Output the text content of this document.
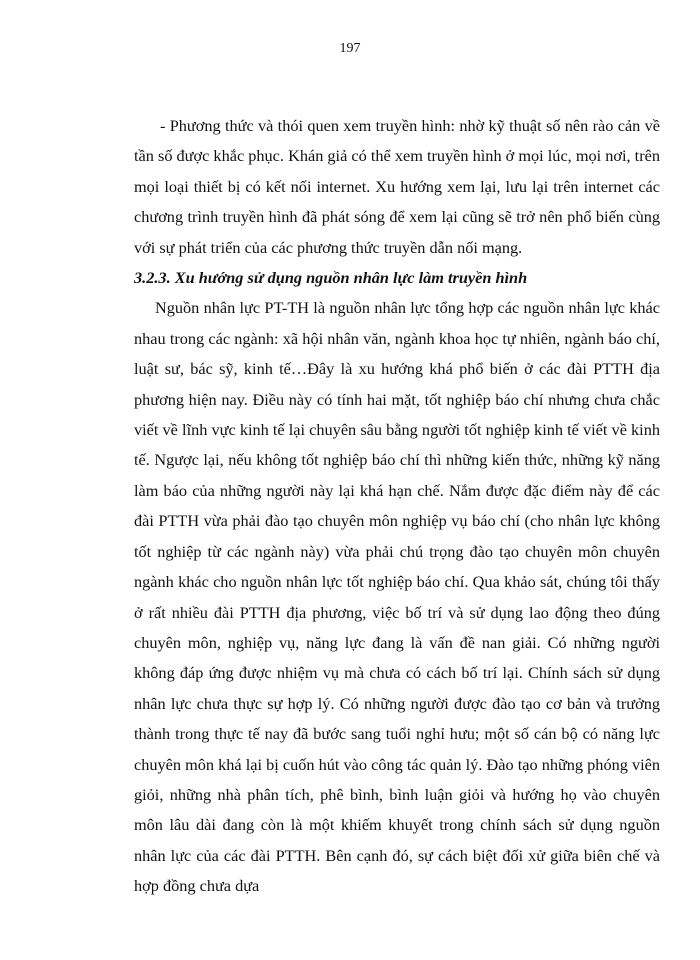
197

- Phương thức và thói quen xem truyền hình: nhờ kỹ thuật số nên rào cản về tần số được khắc phục. Khán giả có thể xem truyền hình ở mọi lúc, mọi nơi, trên mọi loại thiết bị có kết nối internet. Xu hướng xem lại, lưu lại trên internet các chương trình truyền hình đã phát sóng để xem lại cũng sẽ trở nên phổ biến cùng với sự phát triển của các phương thức truyền dẫn nối mạng.

3.2.3. Xu hướng sử dụng nguồn nhân lực làm truyền hình

Nguồn nhân lực PT-TH là nguồn nhân lực tổng hợp các nguồn nhân lực khác nhau trong các ngành: xã hội nhân văn, ngành khoa học tự nhiên, ngành báo chí, luật sư, bác sỹ, kinh tế…Đây là xu hướng khá phổ biến ở các đài PTTH địa phương hiện nay. Điều này có tính hai mặt, tốt nghiệp báo chí nhưng chưa chắc viết về lĩnh vực kinh tế lại chuyên sâu bằng người tốt nghiệp kinh tế viết về kinh tế. Ngược lại, nếu không tốt nghiệp báo chí thì những kiến thức, những kỹ năng làm báo của những người này lại khá hạn chế. Nắm được đặc điểm này để các đài PTTH vừa phải đào tạo chuyên môn nghiệp vụ báo chí (cho nhân lực không tốt nghiệp từ các ngành này) vừa phải chú trọng đào tạo chuyên môn chuyên ngành khác cho nguồn nhân lực tốt nghiệp báo chí. Qua khảo sát, chúng tôi thấy ở rất nhiều đài PTTH địa phương, việc bố trí và sử dụng lao động theo đúng chuyên môn, nghiệp vụ, năng lực đang là vấn đề nan giải. Có những người không đáp ứng được nhiệm vụ mà chưa có cách bố trí lại. Chính sách sử dụng nhân lực chưa thực sự hợp lý. Có những người được đào tạo cơ bản và trưởng thành trong thực tế nay đã bước sang tuổi nghỉ hưu; một số cán bộ có năng lực chuyên môn khá lại bị cuốn hút vào công tác quản lý. Đào tạo những phóng viên giỏi, những nhà phân tích, phê bình, bình luận giỏi và hướng họ vào chuyên môn lâu dài đang còn là một khiếm khuyết trong chính sách sử dụng nguồn nhân lực của các đài PTTH. Bên cạnh đó, sự cách biệt đối xử giữa biên chế và hợp đồng chưa dựa
